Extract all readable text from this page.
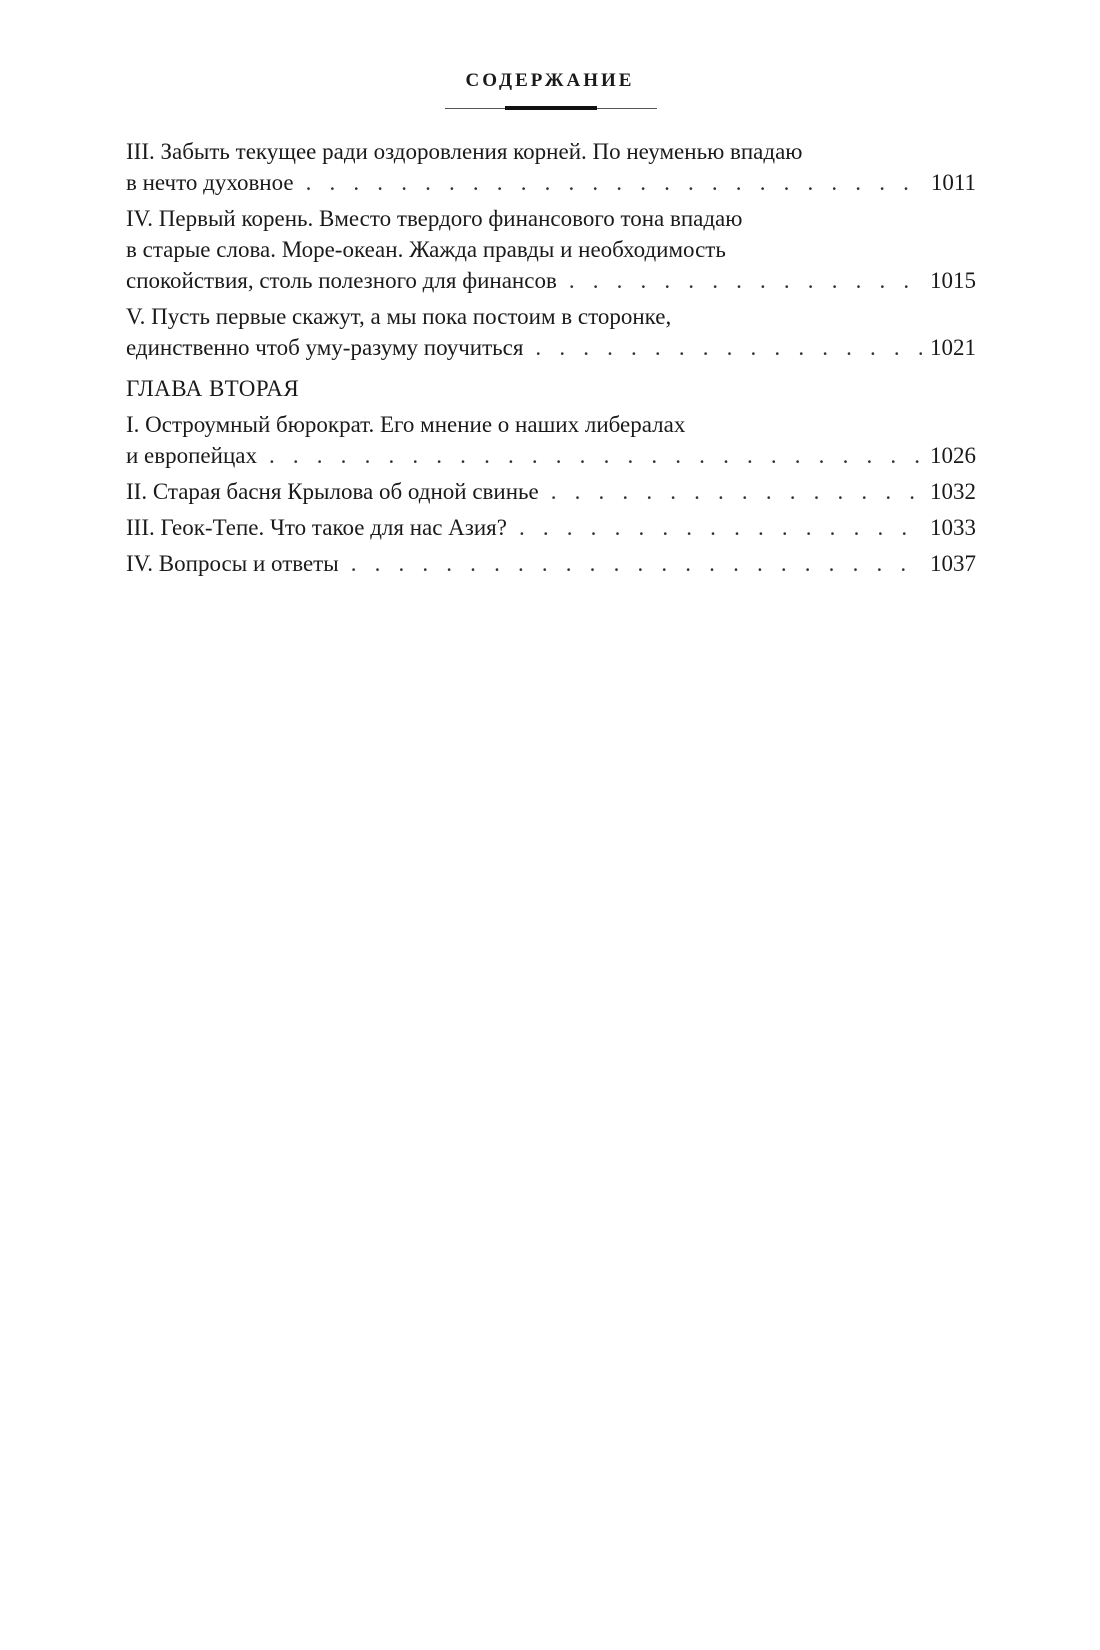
СОДЕРЖАНИЕ
III. Забыть текущее ради оздоровления корней. По неуменью впадаю
в нечто духовное . . .	1011
IV. Первый корень. Вместо твердого финансового тона впадаю
в старые слова. Море-океан. Жажда правды и необходимость
спокойствия, столь полезного для финансов . . .	1015
V. Пусть первые скажут, а мы пока постоим в сторонке,
единственно чтоб уму-разуму поучиться . . .	1021
ГЛАВА ВТОРАЯ
I. Остроумный бюрократ. Его мнение о наших либералах
и европейцах . . .	1026
II. Старая басня Крылова об одной свинье . . .	1032
III. Геок-Тепе. Что такое для нас Азия? . . .	1033
IV. Вопросы и ответы . . .	1037
